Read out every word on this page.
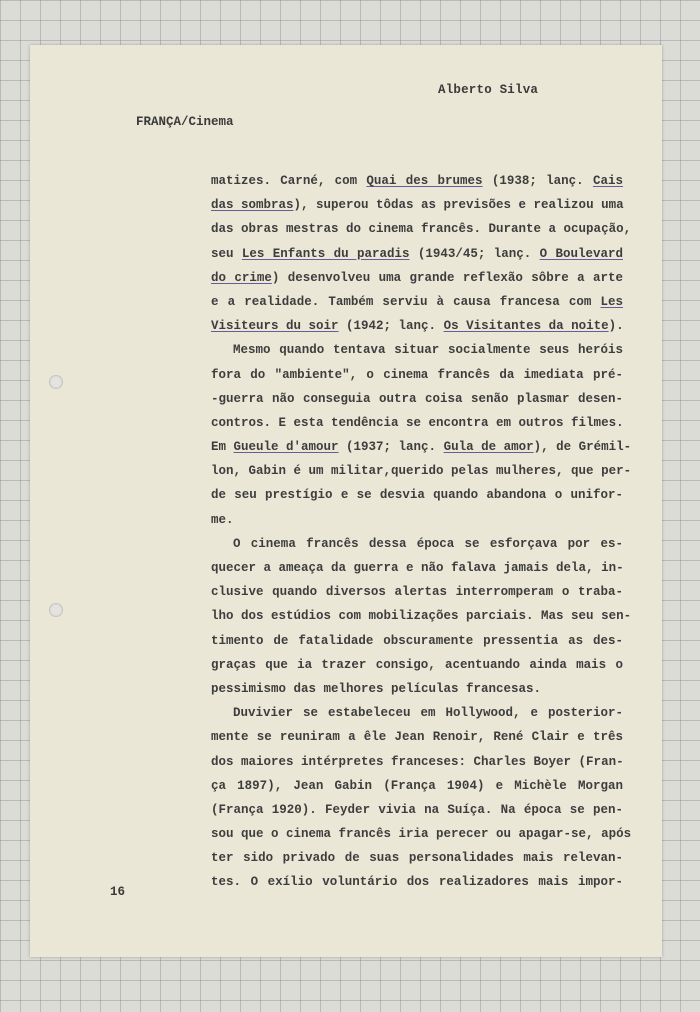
Alberto Silva
FRANÇA/Cinema
matizes. Carné, com Quai des brumes (1938; lanç. Cais
das sombras), superou tôdas as previsões e realizou uma
das obras mestras do cinema francês. Durante a ocupação,
seu Les Enfants du paradis (1943/45; lanç. O Boulevard
do crime) desenvolveu uma grande reflexão sôbre a arte
e a realidade. Também serviu à causa francesa com Les
Visiteurs du soir (1942; lanç. Os Visitantes da noite).
Mesmo quando tentava situar socialmente seus heróis
fora do "ambiente", o cinema francês da imediata pré-
-guerra não conseguia outra coisa senão plasmar desen-
contros. E esta tendência se encontra em outros filmes.
Em Gueule d'amour (1937; lanç. Gula de amor), de Grémil-
lon, Gabin é um militar,querido pelas mulheres, que per-
de seu prestígio e se desvia quando abandona o unifor-
me.
O cinema francês dessa época se esforçava por es-
quecer a ameaça da guerra e não falava jamais dela, in-
clusive quando diversos alertas interromperam o traba-
lho dos estúdios com mobilizações parciais. Mas seu sen-
timento de fatalidade obscuramente pressentia as des-
graças que ia trazer consigo, acentuando ainda mais o
pessimismo das melhores películas francesas.
Duvivier se estabeleceu em Hollywood, e posterior-
mente se reuniram a êle Jean Renoir, René Clair e três
dos maiores intérpretes franceses: Charles Boyer (Fran-
ça 1897), Jean Gabin (França 1904) e Michèle Morgan
(França 1920). Feyder vivia na Suíça. Na época se pen-
sou que o cinema francês iria perecer ou apagar-se, após
ter sido privado de suas personalidades mais relevan-
tes. O exílio voluntário dos realizadores mais impor-
16
